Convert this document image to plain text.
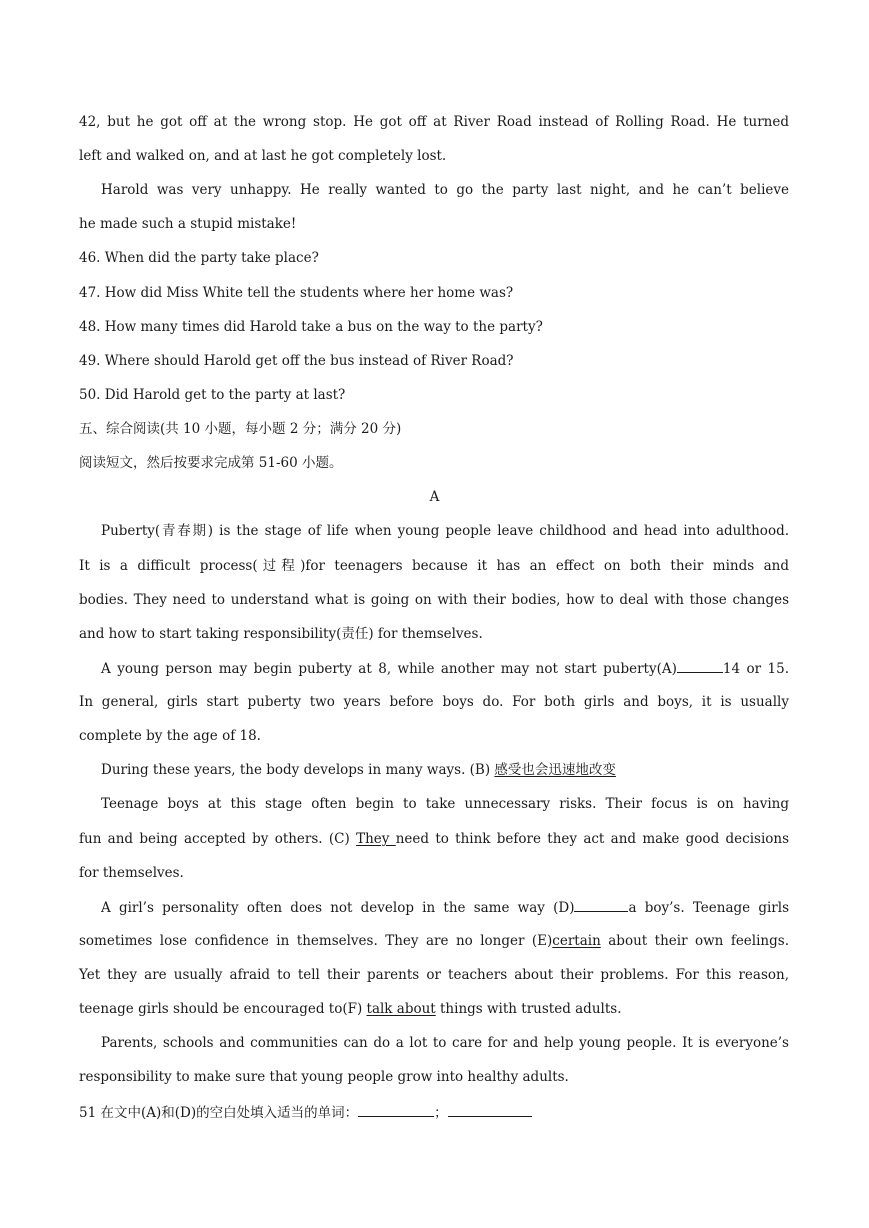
42, but he got off at the wrong stop. He got off at River Road instead of Rolling Road. He turned
left and walked on, and at last he got completely lost.
Harold was very unhappy. He really wanted to go the party last night, and he can’t believe
he made such a stupid mistake!
46. When did the party take place?
47. How did Miss White tell the students where her home was?
48. How many times did Harold take a bus on the way to the party?
49. Where should Harold get off the bus instead of River Road?
50. Did Harold get to the party at last?
五、综合阅读(共 10 小题，每小题 2 分；满分 20 分)
阅读短文，然后按要求完成第 51-60 小题。
A
Puberty(青春期) is the stage of life when young people leave childhood and head into adulthood.
It is a difficult process(过程)for teenagers because it has an effect on both their minds and
bodies. They need to understand what is going on with their bodies, how to deal with those changes
and how to start taking responsibility(责任) for themselves.
A young person may begin puberty at 8, while another may not start puberty(A)	14 or 15.
In general, girls start puberty two years before boys do. For both girls and boys, it is usually
complete by the age of 18.
During these years, the body develops in many ways. (B) 感受也会迅速地改变
Teenage boys at this stage often begin to take unnecessary risks. Their focus is on having
fun and being accepted by others. (C) They need to think before they act and make good decisions
for themselves.
A girl’s personality often does not develop in the same way (D)	a boy’s. Teenage girls
sometimes lose confidence in themselves. They are no longer (E)certain about their own feelings.
Yet they are usually afraid to tell their parents or teachers about their problems. For this reason,
teenage girls should be encouraged to(F) talk about things with trusted adults.
Parents, schools and communities can do a lot to care for and help young people. It is everyone’s
responsibility to make sure that young people grow into healthy adults.
51 在文中(A)和(D)的空白处填入适当的单词：	；
